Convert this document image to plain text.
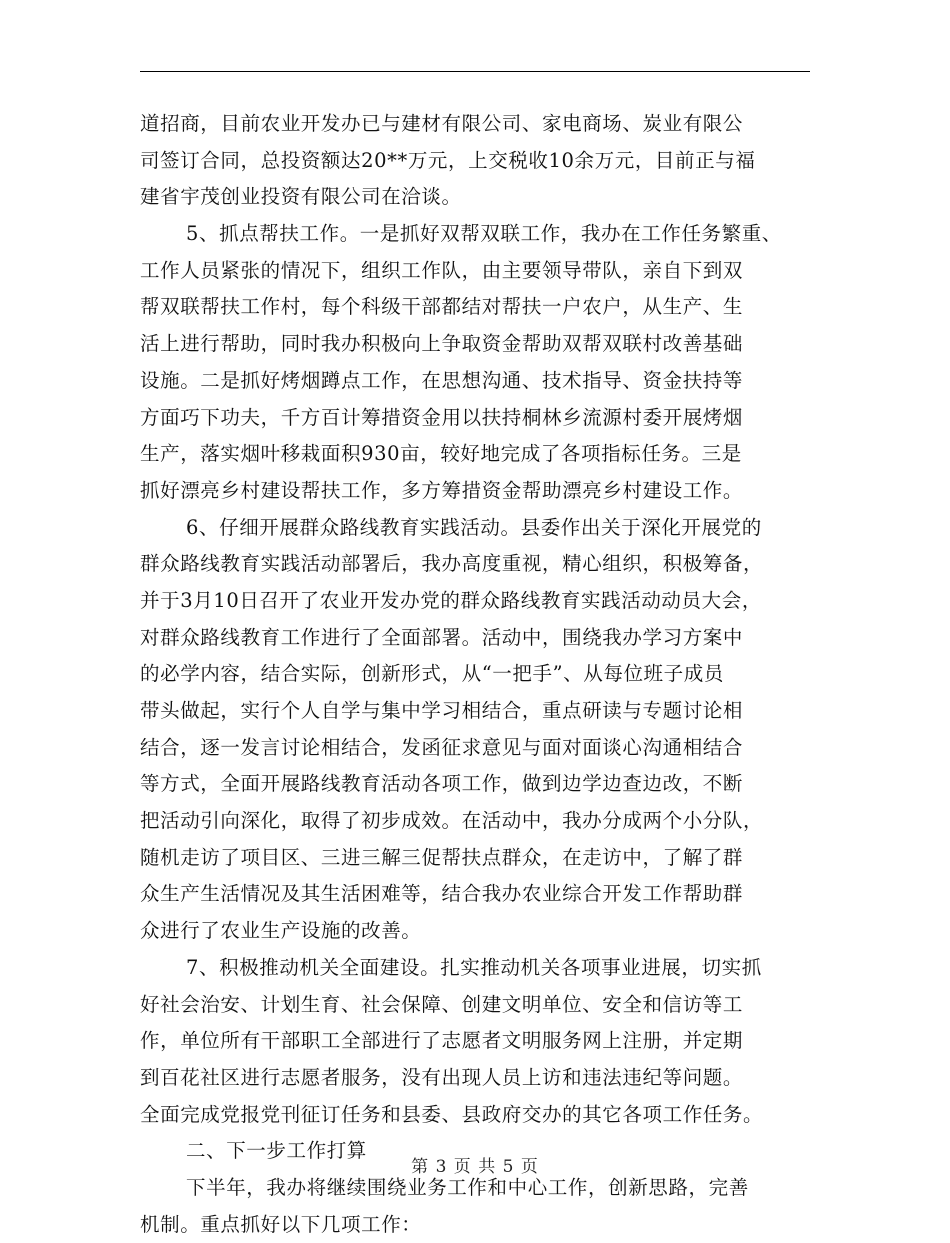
道招商，目前农业开发办已与建材有限公司、家电商场、炭业有限公
司签订合同，总投资额达20**万元，上交税收10余万元，目前正与福
建省宇茂创业投资有限公司在洽谈。
5、抓点帮扶工作。一是抓好双帮双联工作，我办在工作任务繁重、
工作人员紧张的情况下，组织工作队，由主要领导带队，亲自下到双
帮双联帮扶工作村，每个科级干部都结对帮扶一户农户，从生产、生
活上进行帮助，同时我办积极向上争取资金帮助双帮双联村改善基础
设施。二是抓好烤烟蹲点工作，在思想沟通、技术指导、资金扶持等
方面巧下功夫，千方百计筹措资金用以扶持桐林乡流源村委开展烤烟
生产，落实烟叶移栽面积930亩，较好地完成了各项指标任务。三是
抓好漂亮乡村建设帮扶工作，多方筹措资金帮助漂亮乡村建设工作。
6、仔细开展群众路线教育实践活动。县委作出关于深化开展党的
群众路线教育实践活动部署后，我办高度重视，精心组织，积极筹备，
并于3月10日召开了农业开发办党的群众路线教育实践活动动员大会，
对群众路线教育工作进行了全面部署。活动中，围绕我办学习方案中
的必学内容，结合实际，创新形式，从“一把手”、从每位班子成员
带头做起，实行个人自学与集中学习相结合，重点研读与专题讨论相
结合，逐一发言讨论相结合，发函征求意见与面对面谈心沟通相结合
等方式，全面开展路线教育活动各项工作，做到边学边查边改，不断
把活动引向深化，取得了初步成效。在活动中，我办分成两个小分队，
随机走访了项目区、三进三解三促帮扶点群众，在走访中，了解了群
众生产生活情况及其生活困难等，结合我办农业综合开发工作帮助群
众进行了农业生产设施的改善。
7、积极推动机关全面建设。扎实推动机关各项事业进展，切实抓
好社会治安、计划生育、社会保障、创建文明单位、安全和信访等工
作，单位所有干部职工全部进行了志愿者文明服务网上注册，并定期
到百花社区进行志愿者服务，没有出现人员上访和违法违纪等问题。
全面完成党报党刊征订任务和县委、县政府交办的其它各项工作任务。
二、下一步工作打算
下半年，我办将继续围绕业务工作和中心工作，创新思路，完善
机制。重点抓好以下几项工作：
第 3 页 共 5 页
